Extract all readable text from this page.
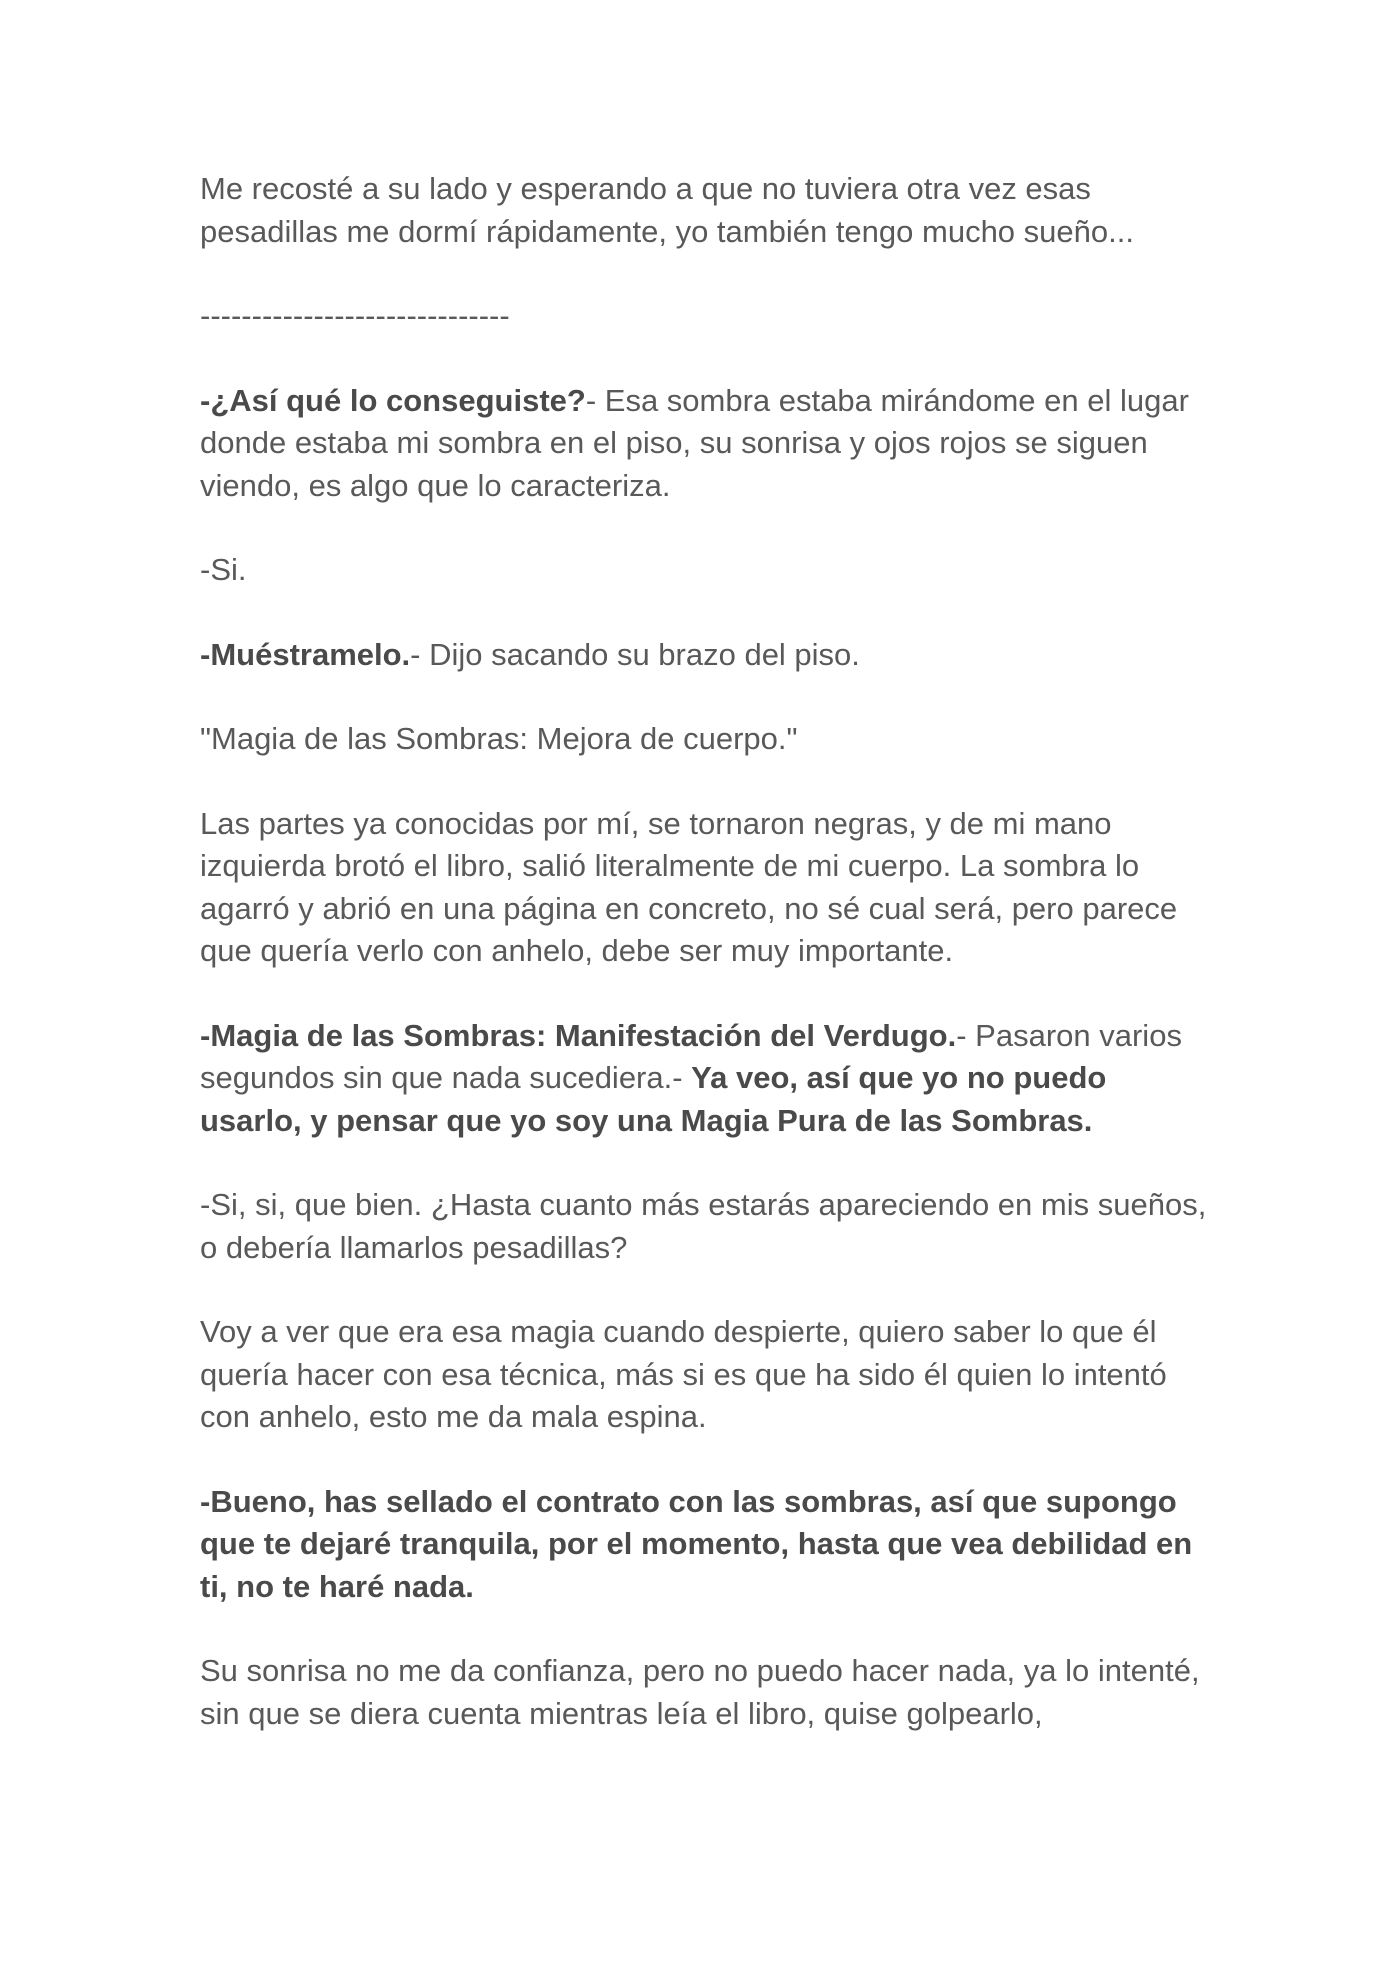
Me recosté a su lado y esperando a que no tuviera otra vez esas pesadillas me dormí rápidamente, yo también tengo mucho sueño...

------------------------------

-¿Así qué lo conseguiste?- Esa sombra estaba mirándome en el lugar donde estaba mi sombra en el piso, su sonrisa y ojos rojos se siguen viendo, es algo que lo caracteriza.

-Si.

-Muéstramelo.- Dijo sacando su brazo del piso.

"Magia de las Sombras: Mejora de cuerpo."

Las partes ya conocidas por mí, se tornaron negras, y de mi mano izquierda brotó el libro, salió literalmente de mi cuerpo. La sombra lo agarró y abrió en una página en concreto, no sé cual será, pero parece que quería verlo con anhelo, debe ser muy importante.

-Magia de las Sombras: Manifestación del Verdugo.- Pasaron varios segundos sin que nada sucediera.- Ya veo, así que yo no puedo usarlo, y pensar que yo soy una Magia Pura de las Sombras.

-Si, si, que bien. ¿Hasta cuanto más estarás apareciendo en mis sueños, o debería llamarlos pesadillas?

Voy a ver que era esa magia cuando despierte, quiero saber lo que él quería hacer con esa técnica, más si es que ha sido él quien lo intentó con anhelo, esto me da mala espina.

-Bueno, has sellado el contrato con las sombras, así que supongo que te dejaré tranquila, por el momento, hasta que vea debilidad en ti, no te haré nada.

Su sonrisa no me da confianza, pero no puedo hacer nada, ya lo intenté, sin que se diera cuenta mientras leía el libro, quise golpearlo,
